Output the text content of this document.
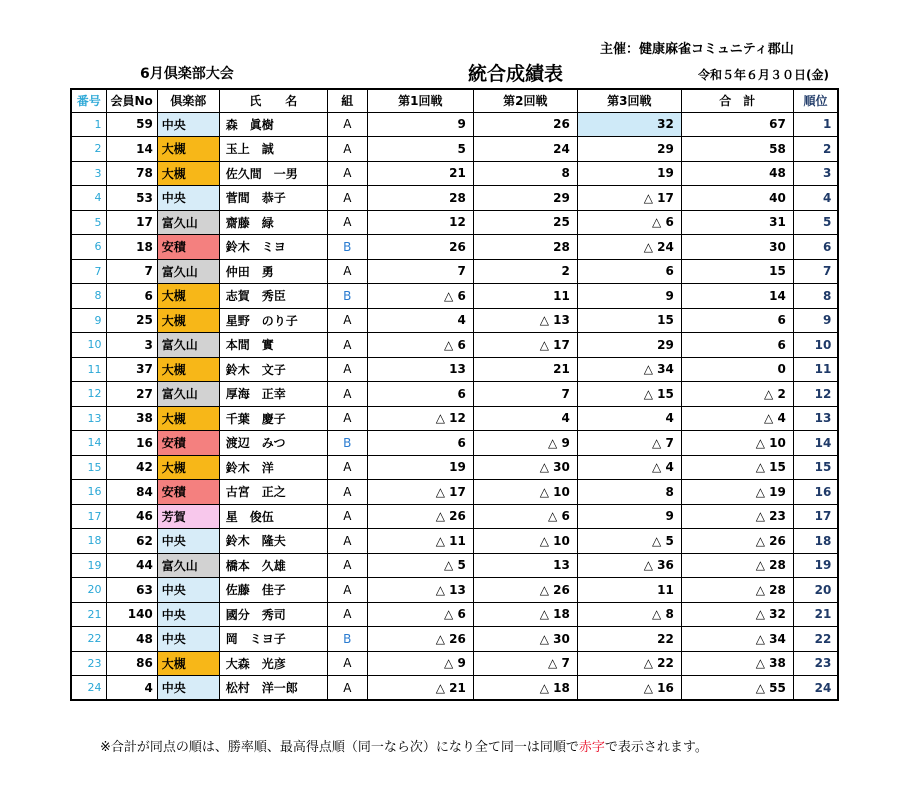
主催：健康麻雀コミュニティ郡山
6月倶楽部大会	統合成績表	令和５年６月３０日(金)
番号	会員No	倶楽部	氏　　名	組	第1回戦	第2回戦	第3回戦	合　計	順位
1	59	中央	森　眞樹	A	9	26	32	67	1
2	14	大槻	玉上　誠	A	5	24	29	58	2
3	78	大槻	佐久間　一男	A	21	8	19	48	3
4	53	中央	菅間　恭子	A	28	29	△ 17	40	4
5	17	富久山	齋藤　緑	A	12	25	△ 6	31	5
6	18	安積	鈴木　ミヨ	B	26	28	△ 24	30	6
7	7	富久山	仲田　勇	A	7	2	6	15	7
8	6	大槻	志賀　秀臣	B	△ 6	11	9	14	8
9	25	大槻	星野　のり子	A	4	△ 13	15	6	9
10	3	富久山	本間　實	A	△ 6	△ 17	29	6	10
11	37	大槻	鈴木　文子	A	13	21	△ 34	0	11
12	27	富久山	厚海　正幸	A	6	7	△ 15	△ 2	12
13	38	大槻	千葉　慶子	A	△ 12	4	4	△ 4	13
14	16	安積	渡辺　みつ	B	6	△ 9	△ 7	△ 10	14
15	42	大槻	鈴木　洋	A	19	△ 30	△ 4	△ 15	15
16	84	安積	古宮　正之	A	△ 17	△ 10	8	△ 19	16
17	46	芳賀	星　俊伍	A	△ 26	△ 6	9	△ 23	17
18	62	中央	鈴木　隆夫	A	△ 11	△ 10	△ 5	△ 26	18
19	44	富久山	橋本　久雄	A	△ 5	13	△ 36	△ 28	19
20	63	中央	佐藤　佳子	A	△ 13	△ 26	11	△ 28	20
21	140	中央	國分　秀司	A	△ 6	△ 18	△ 8	△ 32	21
22	48	中央	岡　ミヨ子	B	△ 26	△ 30	22	△ 34	22
23	86	大槻	大森　光彦	A	△ 9	△ 7	△ 22	△ 38	23
24	4	中央	松村　洋一郎	A	△ 21	△ 18	△ 16	△ 55	24
※合計が同点の順は、勝率順、最高得点順（同一なら次）になり全て同一は同順で赤字で表示されます。
